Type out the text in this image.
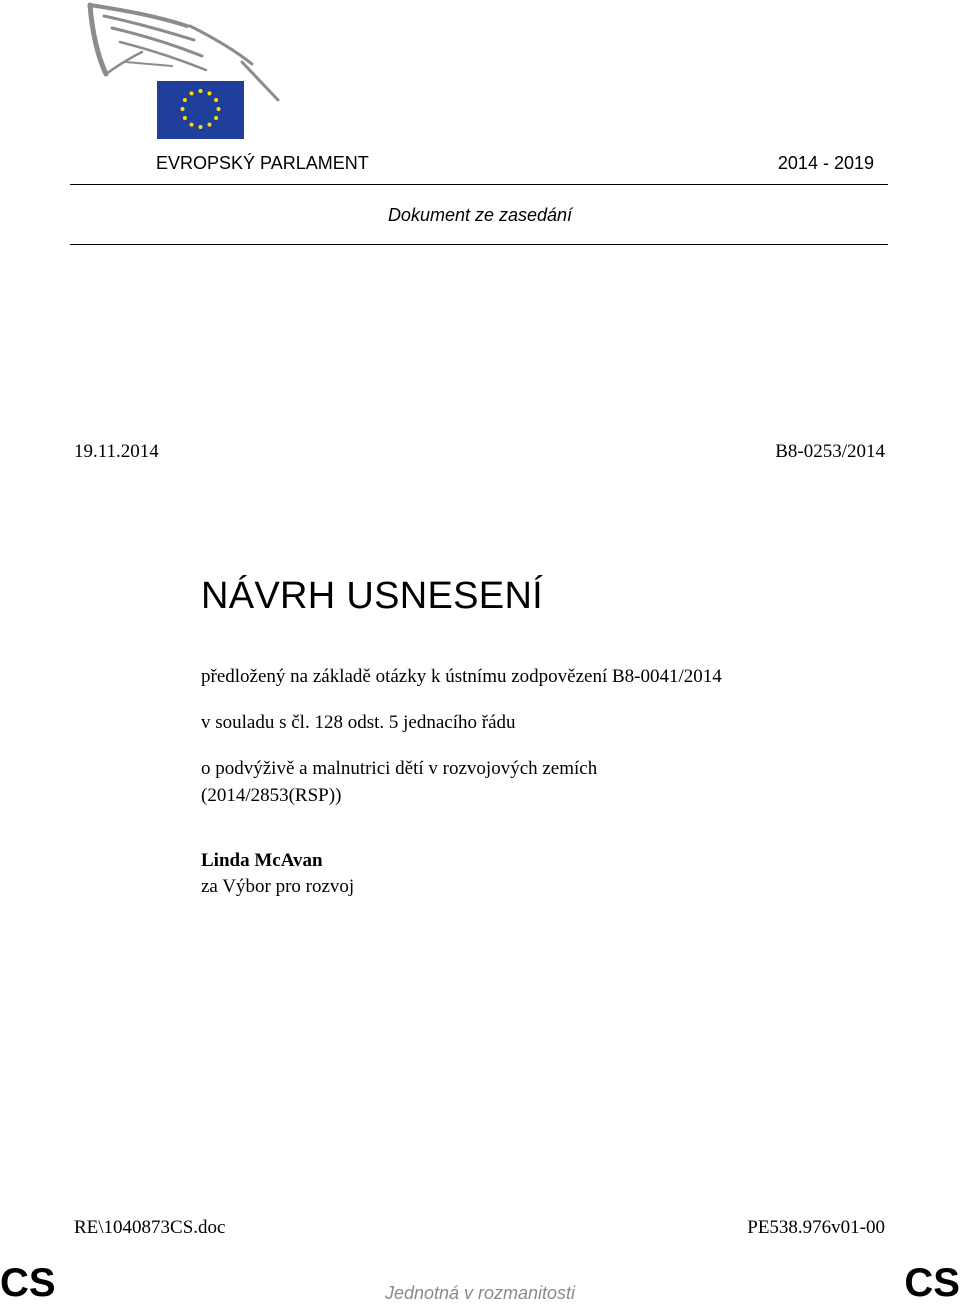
EVROPSKÝ PARLAMENT	2014 - 2019
Dokument ze zasedání
19.11.2014	B8-0253/2014
NÁVRH USNESENÍ
předložený na základě otázky k ústnímu zodpovězení B8-0041/2014
v souladu s čl. 128 odst. 5 jednacího řádu
o podvýživě a malnutrici dětí v rozvojových zemích
(2014/2853(RSP))
Linda McAvan
za Výbor pro rozvoj
RE\1040873CS.doc	PE538.976v01-00
CS	Jednotná v rozmanitosti	CS
